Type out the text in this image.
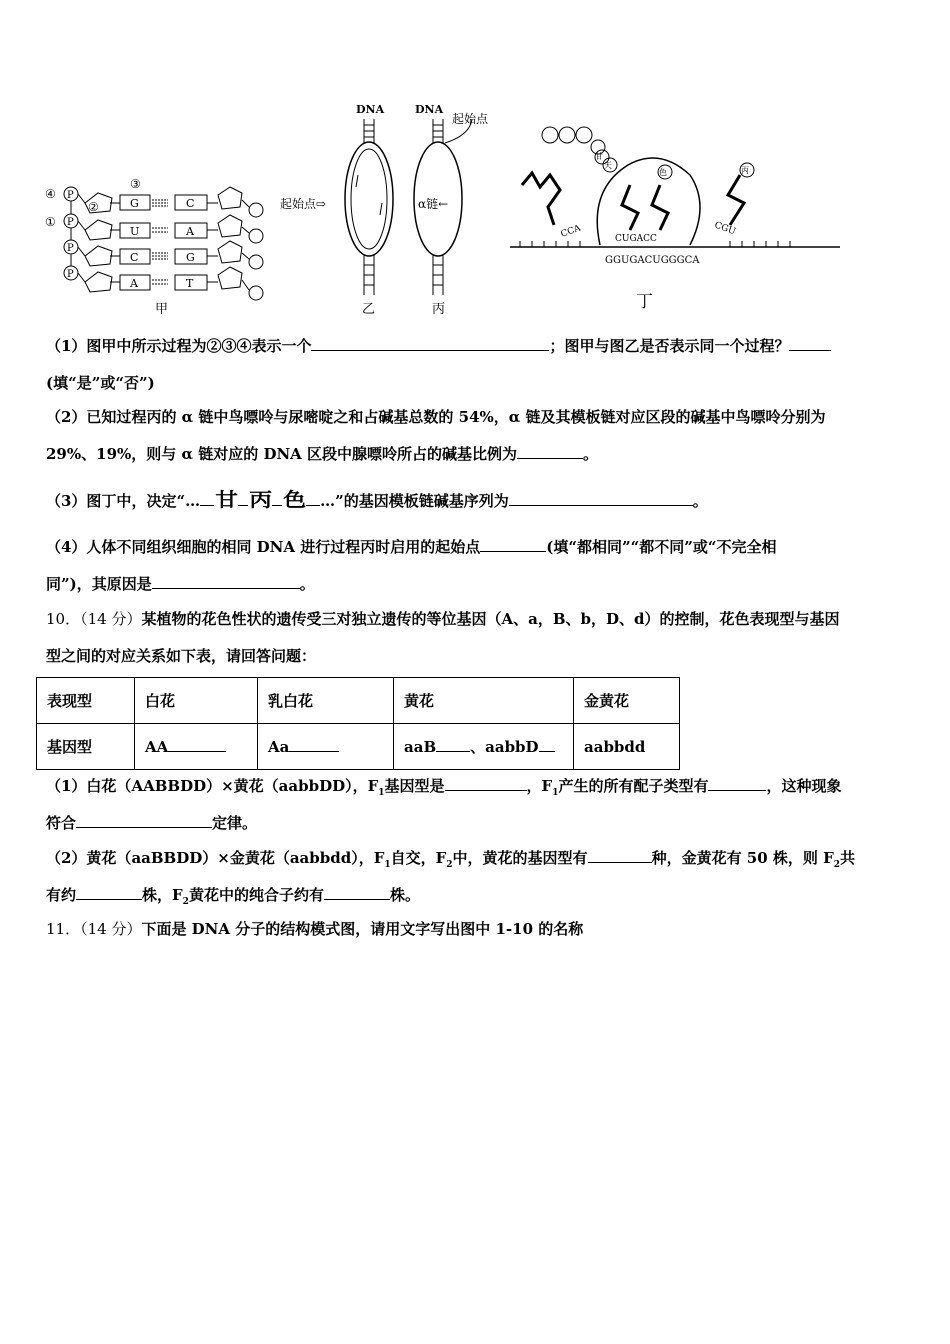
④
①
②
③
P
P
P
P
G
U
C
A
C
A
G
T
甲
DNA
起始点⇨
乙
DNA
起始点
α链←
丙
甘
天
色	丙
CCA	CUGACC
CGU
GGUGACUGGGCA
丁
（1）图甲中所示过程为②③④表示一个	；图甲与图乙是否表示同一个过程？
(填“是”或“否”)
（2）已知过程丙的 α 链中鸟嘌呤与尿嘧啶之和占碱基总数的 54%，α 链及其模板链对应区段的碱基中鸟嘌呤分别为
29%、19%，则与 α 链对应的 DNA 区段中腺嘌呤所占的碱基比例为	。
（3）图丁中，决定“… 甘 丙 色 …”的基因模板链碱基序列为	。
（4）人体不同组织细胞的相同 DNA 进行过程丙时启用的起始点	(填“都相同”“都不同”或“不完全相
同”)，其原因是	。
10．（14 分）某植物的花色性状的遗传受三对独立遗传的等位基因（A、a，B、b，D、d）的控制，花色表现型与基因
型之间的对应关系如下表，请回答问题：
表现型	白花	乳白花	黄花	金黄花
基因型	AA	Aa	aaB 、aabbD	aabbdd
（1）白花（AABBDD）×黄花（aabbDD），$F_1$基因型是	，$F_1$产生的所有配子类型有	，这种现象
符合	定律。
（2）黄花（aaBBDD）×金黄花（aabbdd），$F_1$自交，$F_2$中，黄花的基因型有	种，金黄花有 50 株，则 $F_2$共
有约	株，$F_2$黄花中的纯合子约有	株。
11．（14 分）下面是 DNA 分子的结构模式图，请用文字写出图中 1-10 的名称
